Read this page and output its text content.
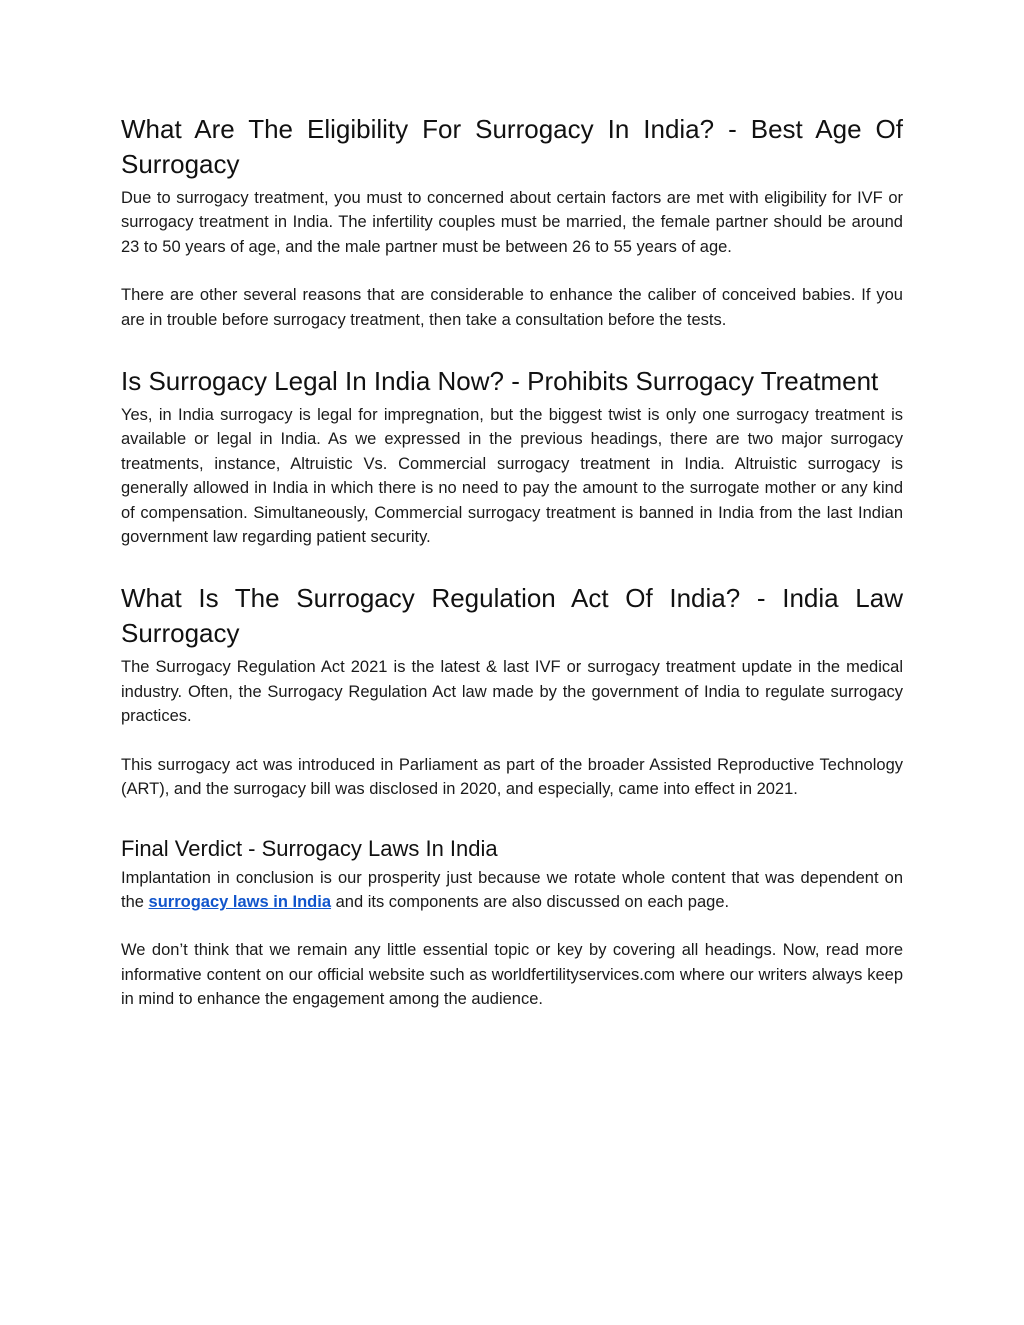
What Are The Eligibility For Surrogacy In India? - Best Age Of Surrogacy

Due to surrogacy treatment, you must to concerned about certain factors are met with eligibility for IVF or surrogacy treatment in India. The infertility couples must be married, the female partner should be around 23 to 50 years of age, and the male partner must be between 26 to 55 years of age.

There are other several reasons that are considerable to enhance the caliber of conceived babies. If you are in trouble before surrogacy treatment, then take a consultation before the tests.

Is Surrogacy Legal In India Now? - Prohibits Surrogacy Treatment

Yes, in India surrogacy is legal for impregnation, but the biggest twist is only one surrogacy treatment is available or legal in India. As we expressed in the previous headings, there are two major surrogacy treatments, instance, Altruistic Vs. Commercial surrogacy treatment in India. Altruistic surrogacy is generally allowed in India in which there is no need to pay the amount to the surrogate mother or any kind of compensation. Simultaneously, Commercial surrogacy treatment is banned in India from the last Indian government law regarding patient security.

What Is The Surrogacy Regulation Act Of India? - India Law Surrogacy

The Surrogacy Regulation Act 2021 is the latest & last IVF or surrogacy treatment update in the medical industry. Often, the Surrogacy Regulation Act law made by the government of India to regulate surrogacy practices.

This surrogacy act was introduced in Parliament as part of the broader Assisted Reproductive Technology (ART), and the surrogacy bill was disclosed in 2020, and especially, came into effect in 2021.

Final Verdict - Surrogacy Laws In India

Implantation in conclusion is our prosperity just because we rotate whole content that was dependent on the surrogacy laws in India and its components are also discussed on each page.

We don’t think that we remain any little essential topic or key by covering all headings. Now, read more informative content on our official website such as worldfertilityservices.com where our writers always keep in mind to enhance the engagement among the audience.
